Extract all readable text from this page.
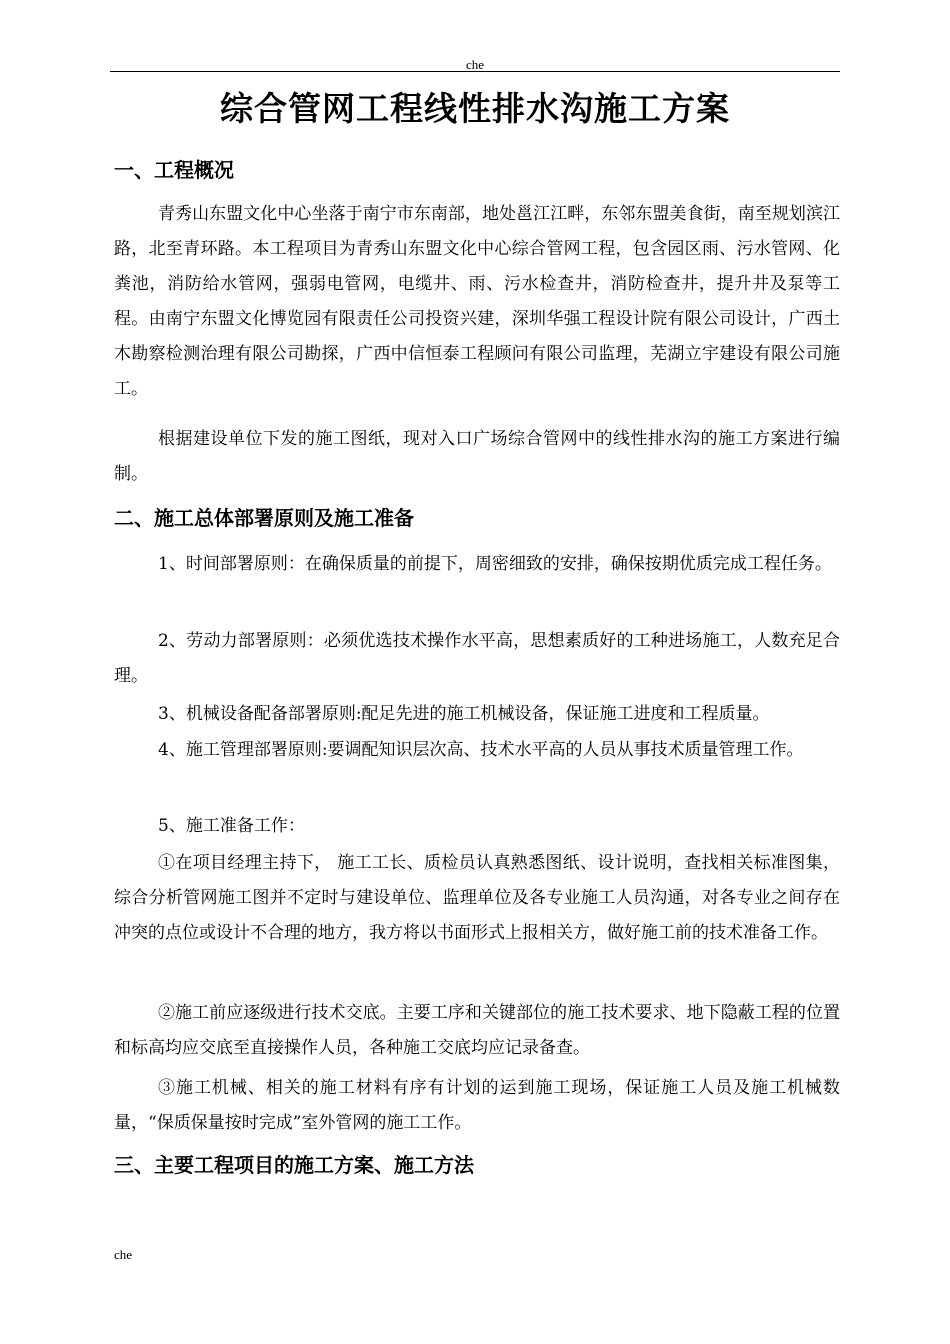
che
综合管网工程线性排水沟施工方案
一、工程概况
青秀山东盟文化中心坐落于南宁市东南部，地处邕江江畔，东邻东盟美食街，南至规划滨江路，北至青环路。本工程项目为青秀山东盟文化中心综合管网工程，包含园区雨、污水管网、化粪池，消防给水管网，强弱电管网，电缆井、雨、污水检查井，消防检查井，提升井及泵等工程。由南宁东盟文化博览园有限责任公司投资兴建，深圳华强工程设计院有限公司设计，广西土木勘察检测治理有限公司勘探，广西中信恒泰工程顾问有限公司监理，芜湖立宇建设有限公司施工。
根据建设单位下发的施工图纸，现对入口广场综合管网中的线性排水沟的施工方案进行编制。
二、施工总体部署原则及施工准备
1、时间部署原则：在确保质量的前提下，周密细致的安排，确保按期优质完成工程任务。
2、劳动力部署原则：必须优选技术操作水平高，思想素质好的工种进场施工，人数充足合理。
3、机械设备配备部署原则:配足先进的施工机械设备，保证施工进度和工程质量。
4、施工管理部署原则:要调配知识层次高、技术水平高的人员从事技术质量管理工作。
5、施工准备工作：
①在项目经理主持下， 施工工长、质检员认真熟悉图纸、设计说明，查找相关标准图集，综合分析管网施工图并不定时与建设单位、监理单位及各专业施工人员沟通，对各专业之间存在冲突的点位或设计不合理的地方，我方将以书面形式上报相关方，做好施工前的技术准备工作。
②施工前应逐级进行技术交底。主要工序和关键部位的施工技术要求、地下隐蔽工程的位置和标高均应交底至直接操作人员，各种施工交底均应记录备查。
③施工机械、相关的施工材料有序有计划的运到施工现场，保证施工人员及施工机械数量，“保质保量按时完成”室外管网的施工工作。
三、主要工程项目的施工方案、施工方法
che
